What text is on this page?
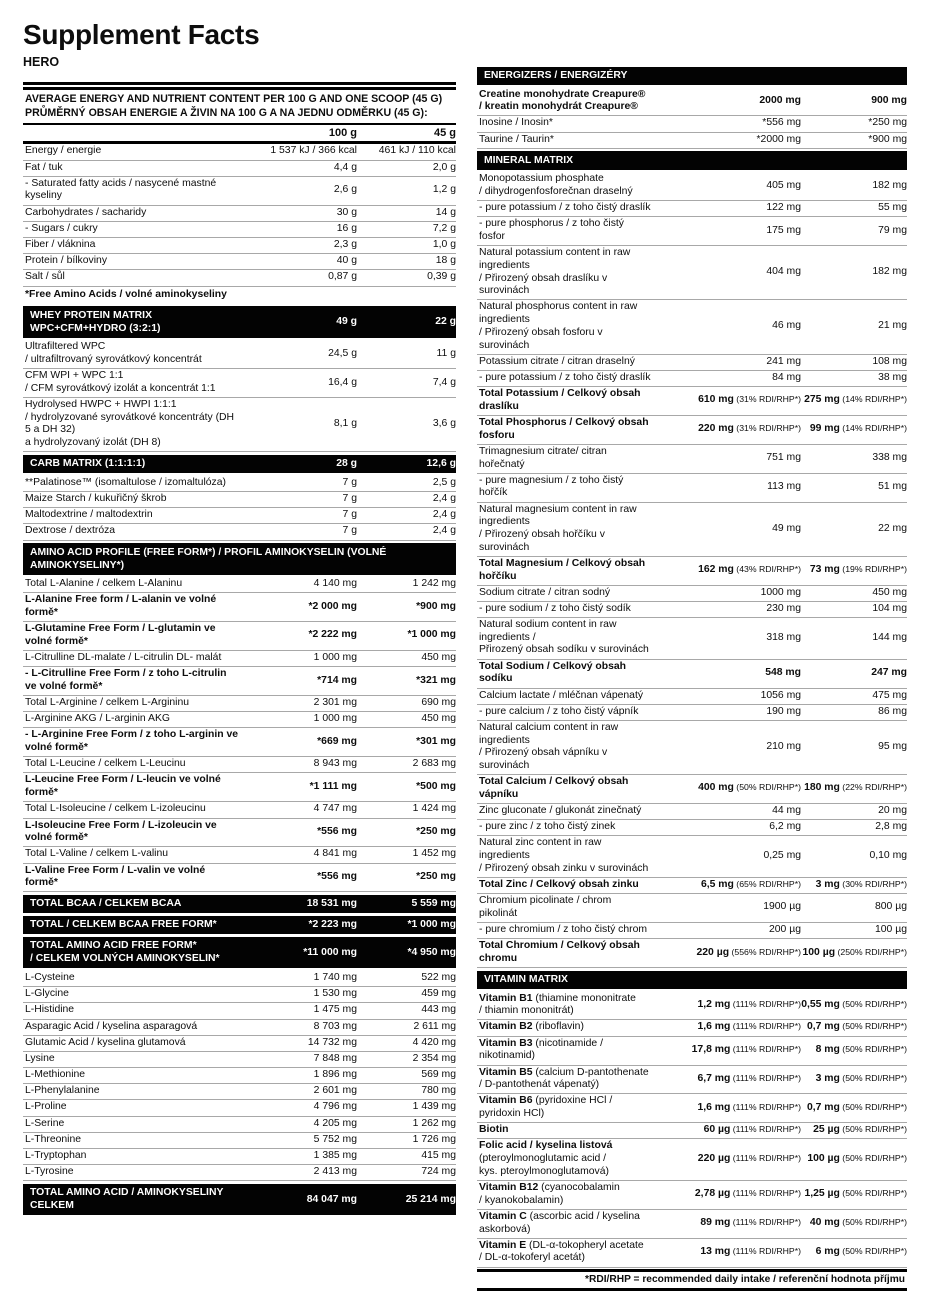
Supplement Facts
HERO
AVERAGE ENERGY AND NUTRIENT CONTENT PER 100 G AND ONE SCOOP (45 G)
PRŮMĚRNÝ OBSAH ENERGIE A ŽIVIN NA 100 G A NA JEDNU ODMĚRKU (45 G):
100 g	45 g
Energy / energie	1 537 kJ / 366 kcal	461 kJ / 110 kcal
Fat / tuk	4,4 g	2,0 g
- Saturated fatty acids / nasycené mastné kyseliny
2,6 g	1,2 g
Carbohydrates / sacharidy	30 g	14 g
- Sugars / cukry	16 g	7,2 g
Fiber / vláknina	2,3 g	1,0 g
Protein / bílkoviny	40 g	18 g
Salt / sůl	0,87 g	0,39 g
*Free Amino Acids / volné aminokyseliny
WHEY PROTEIN MATRIX WPC+CFM+HYDRO (3:2:1)
49 g	22 g
Ultrafiltered WPC
/ ultrafiltrovaný syrovátkový koncentrát
24,5 g	11 g
CFM WPI + WPC 1:1
/ CFM syrovátkový izolát a koncentrát 1:1
16,4 g	7,4 g
Hydrolysed HWPC + HWPI 1:1:1
/ hydrolyzované syrovátkové koncentráty (DH 5 a DH 32)
a hydrolyzovaný izolát (DH 8)
8,1 g	3,6 g
CARB MATRIX (1:1:1:1)	28 g	12,6 g
**Palatinose™ (isomaltulose / izomaltulóza)	7 g	2,5 g
Maize Starch / kukuřičný škrob	7 g	2,4 g
Maltodextrine / maltodextrin	7 g	2,4 g
Dextrose / dextróza	7 g	2,4 g
AMINO ACID PROFILE (FREE FORM*) / PROFIL AMINOKYSELIN (VOLNÉ AMINOKYSELINY*)
Total L-Alanine / celkem L-Alaninu	4 140 mg	1 242 mg
L-Alanine Free form / L-alanin ve volné formě*
*2 000 mg	*900 mg
L-Glutamine Free Form / L-glutamin ve volné formě*
*2 222 mg	*1 000 mg
L-Citrulline DL-malate / L-citrulin DL- malát	1 000 mg	450 mg
- L-Citrulline Free Form / z toho L-citrulin ve volné formě*
*714 mg	*321 mg
Total L-Arginine / celkem L-Argininu	2 301 mg	690 mg
L-Arginine AKG / L-arginin AKG	1 000 mg	450 mg
- L-Arginine Free Form / z toho L-arginin ve volné formě*
*669 mg	*301 mg
Total L-Leucine / celkem L-Leucinu	8 943 mg	2 683 mg
L-Leucine Free Form / L-leucin ve volné formě*
*1 111 mg	*500 mg
Total L-Isoleucine / celkem L-izoleucinu	4 747 mg	1 424 mg
L-Isoleucine Free Form / L-izoleucin ve volné formě*
*556 mg	*250 mg
Total L-Valine / celkem L-valinu	4 841 mg	1 452 mg
L-Valine Free Form / L-valin ve volné formě*
*556 mg	*250 mg
TOTAL BCAA / CELKEM BCAA	18 531 mg	5 559 mg
TOTAL / CELKEM BCAA FREE FORM*	*2 223 mg	*1 000 mg
TOTAL AMINO ACID FREE FORM*
/ CELKEM VOLNÝCH AMINOKYSELIN*
*11 000 mg	*4 950 mg
L-Cysteine	1 740 mg	522 mg
L-Glycine	1 530 mg	459 mg
L-Histidine	1 475 mg	443 mg
Asparagic Acid / kyselina asparagová	8 703 mg	2 611 mg
Glutamic Acid / kyselina glutamová	14 732 mg	4 420 mg
Lysine	7 848 mg	2 354 mg
L-Methionine	1 896 mg	569 mg
L-Phenylalanine	2 601 mg	780 mg
L-Proline	4 796 mg	1 439 mg
L-Serine	4 205 mg	1 262 mg
L-Threonine	5 752 mg	1 726 mg
L-Tryptophan	1 385 mg	415 mg
L-Tyrosine	2 413 mg	724 mg
TOTAL AMINO ACID / AMINOKYSELINY CELKEM
84 047 mg	25 214 mg
ENERGIZERS / ENERGIZÉRY
Creatine monohydrate Creapure®
/ kreatin monohydrát Creapure®
2000 mg	900 mg
Inosine / Inosin*	*556 mg	*250 mg
Taurine / Taurin*	*2000 mg	*900 mg
MINERAL MATRIX
Monopotassium phosphate
/ dihydrogenfosforečnan draselný
405 mg	182 mg
- pure potassium / z toho čistý draslík	122 mg	55 mg
- pure phosphorus / z toho čistý fosfor
175 mg	79 mg
Natural potassium content in raw ingredients
/ Přirozený obsah draslíku v surovinách
404 mg	182 mg
Natural phosphorus content in raw ingredients
/ Přirozený obsah fosforu v surovinách
46 mg	21 mg
Potassium citrate / citran draselný	241 mg	108 mg
- pure potassium / z toho čistý draslík	84 mg	38 mg
Total Potassium / Celkový obsah draslíku
610 mg (31% RDI/RHP*) 275 mg (14% RDI/RHP*)
Total Phosphorus / Celkový obsah fosforu
220 mg (31% RDI/RHP*) 99 mg (14% RDI/RHP*)
Trimagnesium citrate/ citran hořečnatý
751 mg	338 mg
- pure magnesium / z toho čistý hořčík
113 mg	51 mg
Natural magnesium content in raw ingredients
/ Přirozený obsah hořčíku v surovinách
49 mg	22 mg
Total Magnesium / Celkový obsah hořčíku
162 mg (43% RDI/RHP*) 73 mg (19% RDI/RHP*)
Sodium citrate / citran sodný	1000 mg	450 mg
- pure sodium / z toho čistý sodík	230 mg	104 mg
Natural sodium content in raw ingredients /
Přirozený obsah sodíku v surovinách
318 mg	144 mg
Total Sodium / Celkový obsah sodíku
548 mg	247 mg
Calcium lactate / mléčnan vápenatý	1056 mg	475 mg
- pure calcium / z toho čistý vápník	190 mg	86 mg
Natural calcium content in raw ingredients
/ Přirozený obsah vápníku v surovinách
210 mg	95 mg
Total Calcium / Celkový obsah vápníku
400 mg (50% RDI/RHP*) 180 mg (22% RDI/RHP*)
Zinc gluconate / glukonát zinečnatý	44 mg	20 mg
- pure zinc / z toho čistý zinek	6,2 mg	2,8 mg
Natural zinc content in raw ingredients
/ Přirozený obsah zinku v surovinách
0,25 mg	0,10 mg
Total Zinc / Celkový obsah zinku	6,5 mg (65% RDI/RHP*)	3 mg (30% RDI/RHP*)
Chromium picolinate / chrom pikolinát
1900 µg	800 µg
- pure chromium / z toho čistý chrom	200 µg	100 µg
Total Chromium / Celkový obsah chromu
220 µg (556% RDI/RHP*) 100 µg (250% RDI/RHP*)
VITAMIN MATRIX
Vitamin B1 (thiamine mononitrate
/ thiamin mononitrát)
1,2 mg (111% RDI/RHP*) 0,55 mg (50% RDI/RHP*)
Vitamin B2 (riboflavin)	1,6 mg (111% RDI/RHP*) 0,7 mg (50% RDI/RHP*)
Vitamin B3 (nicotinamide / nikotinamid)
17,8 mg (111% RDI/RHP*)	8 mg (50% RDI/RHP*)
Vitamin B5 (calcium D-pantothenate
/ D-pantothenát vápenatý)
6,7 mg (111% RDI/RHP*)	3 mg (50% RDI/RHP*)
Vitamin B6 (pyridoxine HCl / pyridoxin HCl)
1,6 mg (111% RDI/RHP*) 0,7 mg (50% RDI/RHP*)
Biotin	60 µg (111% RDI/RHP*)	25 µg (50% RDI/RHP*)
Folic acid / kyselina listová (pteroylmonoglutamic acid /
kys. pteroylmonoglutamová)
220 µg (111% RDI/RHP*) 100 µg (50% RDI/RHP*)
Vitamin B12 (cyanocobalamin
/ kyanokobalamin)
2,78 µg (111% RDI/RHP*) 1,25 µg (50% RDI/RHP*)
Vitamin C (ascorbic acid / kyselina askorbová)
89 mg (111% RDI/RHP*) 40 mg (50% RDI/RHP*)
Vitamin E (DL-α-tokopheryl acetate
/ DL-α-tokoferyl acetát)
13 mg (111% RDI/RHP*)	6 mg (50% RDI/RHP*)
*RDI/RHP = recommended daily intake / referenční hodnota příjmu
